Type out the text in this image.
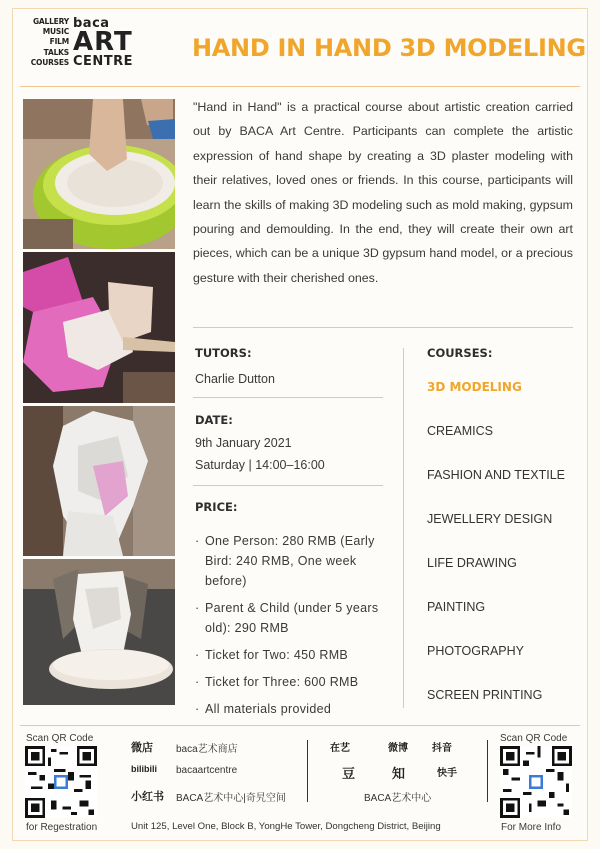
GALLERY
MUSIC
FILM
TALKS
COURSES
baca
ART
CENTRE HAND IN HAND 3D MODELING
"Hand in Hand" is a practical course about artistic creation carried out by BACA Art Centre. Participants can complete the artistic expression of hand shape by creating a 3D plaster modeling with their relatives, loved ones or friends. In this course, participants will learn the skills of making 3D modeling such as mold making, gypsum pouring and demoulding. In the end, they will create their own art pieces, which can be a unique 3D gypsum hand model, or a precious gesture with their cherished ones.
TUTORS:
Charlie Dutton
DATE:
9th January 2021
Saturday | 14:00–16:00
PRICE:
· One Person: 280 RMB (Early Bird: 240 RMB, One week before)
· Parent & Child (under 5 years old): 290 RMB
· Ticket for Two: 450 RMB
· Ticket for Three: 600 RMB
· All materials provided
COURSES:
3D MODELING
CREAMICS
FASHION AND TEXTILE
JEWELLERY DESIGN
LIFE DRAWING
PAINTING
PHOTOGRAPHY
SCREEN PRINTING
Scan QR Code
for Regestration
微店 baca艺术商店
bilibili bacaartcentre
小红书 BACA艺术中心|奇旯空间
在艺	微博 抖音
豆	知	快手
BACA艺术中心
Unit 125, Level One, Block B, YongHe Tower, Dongcheng District, Beijing
Scan QR Code
For More Info
